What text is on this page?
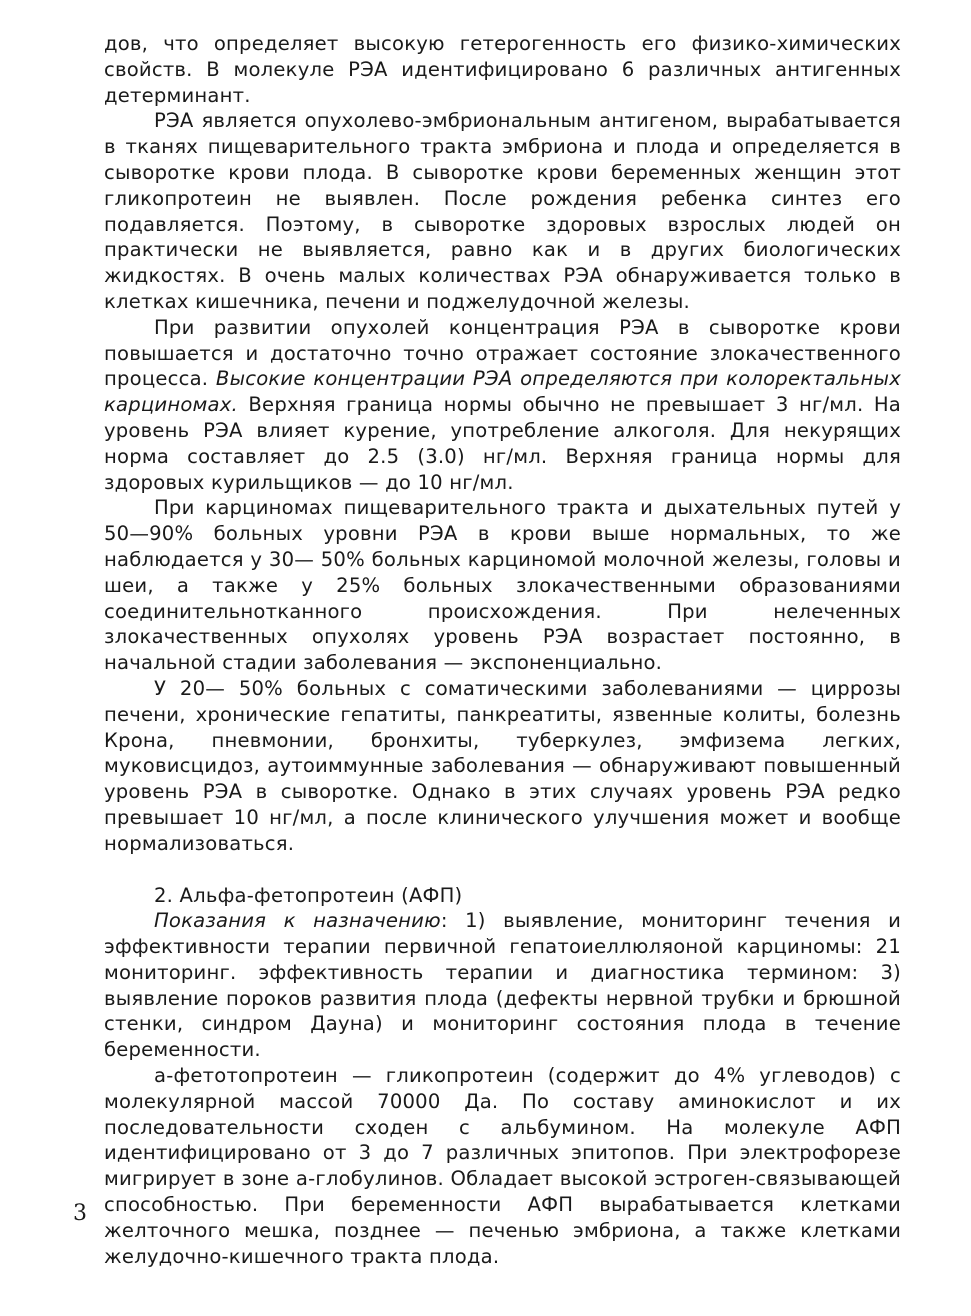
дов, что определяет высокую гетерогенность его физико-химических свойств. В молекуле РЭА идентифицировано 6 различных антигенных детерминант.

РЭА является опухолево-эмбриональным антигеном, вырабатывается в тканях пищеварительного тракта эмбриона и плода и определяется в сыворотке крови плода. В сыворотке крови беременных женщин этот гликопротеин не выявлен. После рождения ребенка синтез его подавляется. Поэтому, в сыворотке здоровых взрослых людей он практически не выявляется, равно как и в других биологических жидкостях. В очень малых количествах РЭА обнаруживается только в клетках кишечника, печени и поджелудочной железы.

При развитии опухолей концентрация РЭА в сыворотке крови повышается и достаточно точно отражает состояние злокачественного процесса. Высокие концентрации РЭА определяются при колоректальных карциномах. Верхняя граница нормы обычно не превышает 3 нг/мл. На уровень РЭА влияет курение, употребление алкоголя. Для некурящих норма составляет до 2.5 (3.0) нг/мл. Верхняя граница нормы для здоровых курильщиков — до 10 нг/мл.

При карциномах пищеварительного тракта и дыхательных путей у 50—90% больных уровни РЭА в крови выше нормальных, то же наблюдается у 30— 50% больных карциномой молочной железы, головы и шеи, а также у 25% больных злокачественными образованиями соединительнотканного происхождения. При нелеченных злокачественных опухолях уровень РЭА возрастает постоянно, в начальной стадии заболевания — экспоненциально.

У 20— 50% больных с соматическими заболеваниями — циррозы печени, хронические гепатиты, панкреатиты, язвенные колиты, болезнь Крона, пневмонии, бронхиты, туберкулез, эмфизема легких, муковисцидоз, аутоиммунные заболевания — обнаруживают повышенный уровень РЭА в сыворотке. Однако в этих случаях уровень РЭА редко превышает 10 нг/мл, а после клинического улучшения может и вообще нормализоваться.

2. Альфа-фетопротеин (АФП)

Показания к назначению: 1) выявление, мониторинг течения и эффективности терапии первичной гепатоиеллюляоной карциномы: 21 мониторинг. эффективность терапии и диагностика термином: 3) выявление пороков развития плода (дефекты нервной трубки и брюшной стенки, синдром Дауна) и мониторинг состояния плода в течение беременности.

а-фетотопротеин — гликопротеин (содержит до 4% углеводов) с молекулярной массой 70000 Да. По составу аминокислот и их последовательности сходен с альбумином. На молекуле АФП идентифицировано от 3 до 7 различных эпитопов. При электрофорезе мигрирует в зоне а-глобулинов. Обладает высокой эстроген-связывающей способностью. При беременности АФП вырабатывается клетками желточного мешка, позднее — печенью эмбриона, а также клетками желудочно-кишечного тракта плода.

3
